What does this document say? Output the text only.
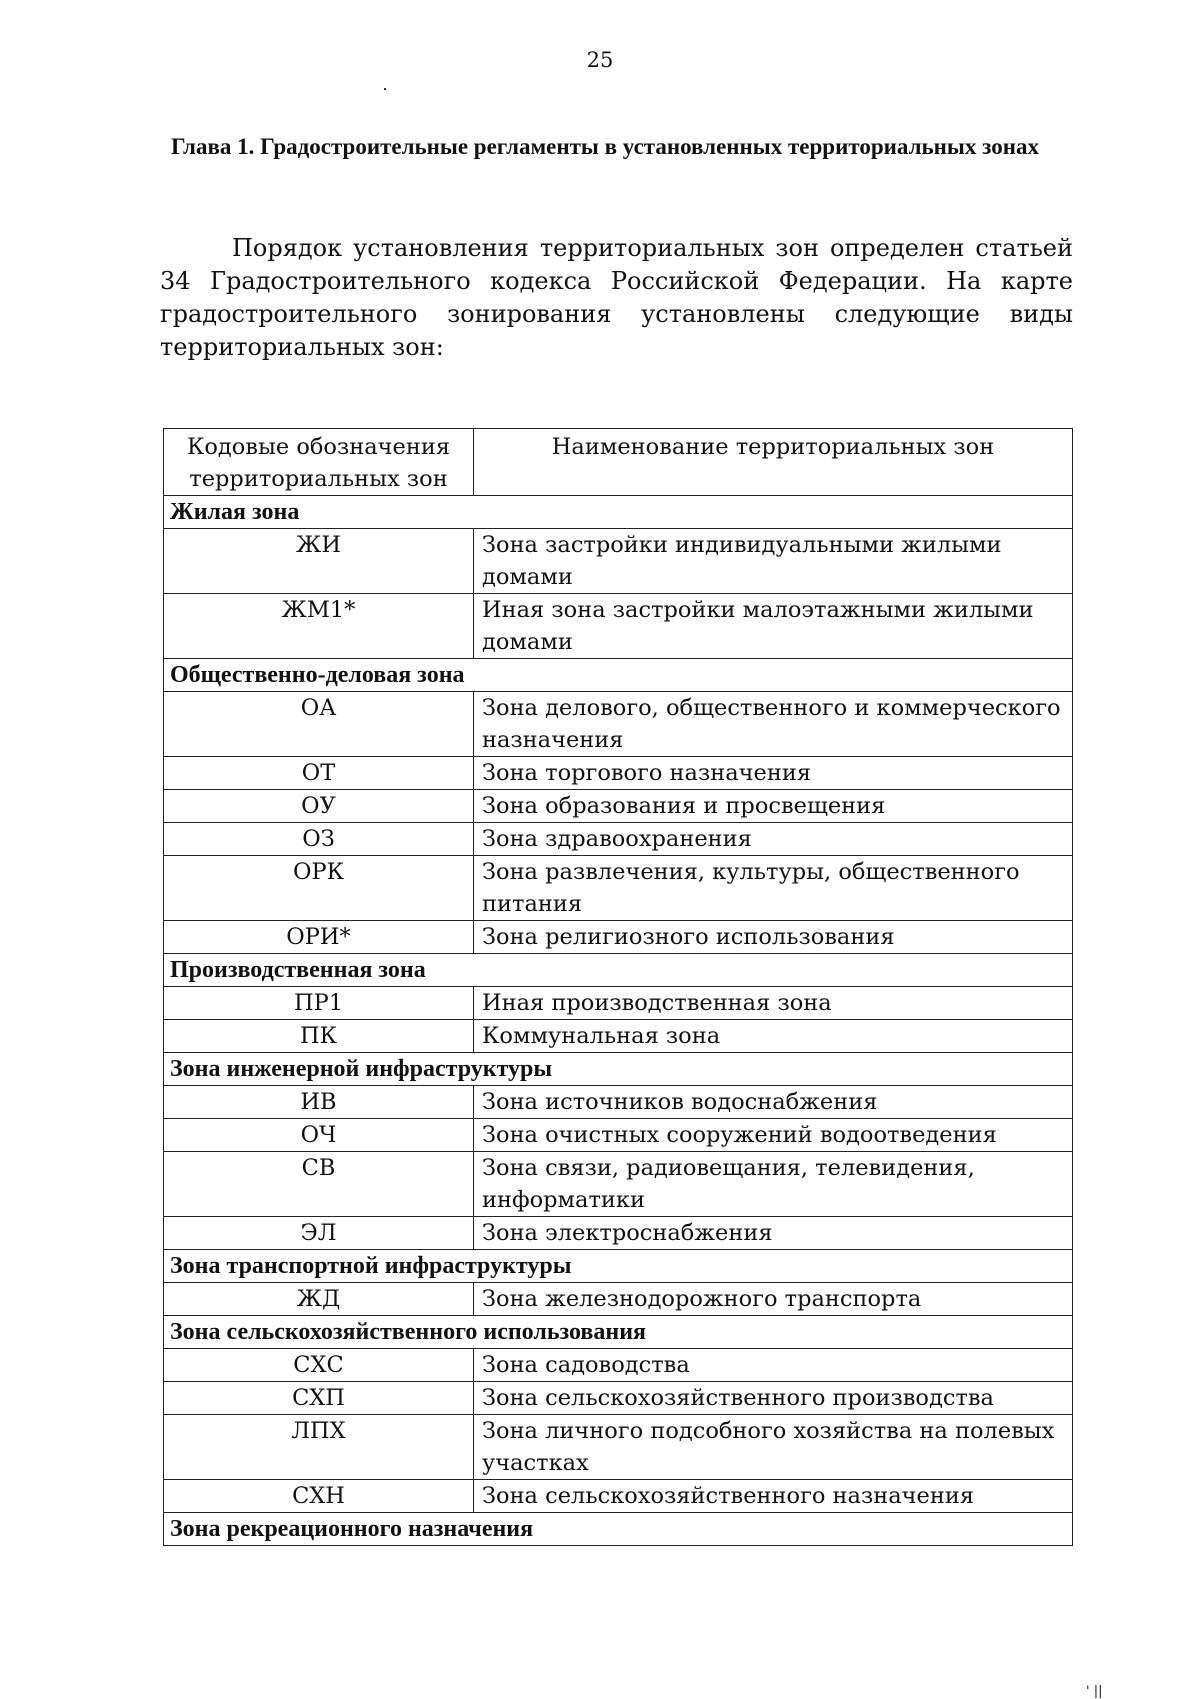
25
Глава 1. Градостроительные регламенты в установленных территориальных зонах

Порядок установления территориальных зон определен статьей 34 Градостроительного кодекса Российской Федерации. На карте градостроительного зонирования установлены следующие виды территориальных зон:

Кодовые обозначения территориальных зон	Наименование территориальных зон
Жилая зона	
ЖИ	Зона застройки индивидуальными жилыми домами
ЖМ1*	Иная зона застройки малоэтажными жилыми домами
Общественно-деловая зона	
ОА	Зона делового, общественного и коммерческого назначения
ОТ	Зона торгового назначения
ОУ	Зона образования и просвещения
ОЗ	Зона здравоохранения
ОРК	Зона развлечения, культуры, общественного питания
ОРИ*	Зона религиозного использования
Производственная зона	
ПР1	Иная производственная зона
ПК	Коммунальная зона
Зона инженерной инфраструктуры	
ИВ	Зона источников водоснабжения
ОЧ	Зона очистных сооружений водоотведения
СВ	Зона связи, радиовещания, телевидения, информатики
ЭЛ	Зона электроснабжения
Зона транспортной инфраструктуры	
ЖД	Зона железнодорожного транспорта
Зона сельскохозяйственного использования	
СХС	Зона садоводства
СХП	Зона сельскохозяйственного производства
ЛПХ	Зона личного подсобного хозяйства на полевых участках
СХН	Зона сельскохозяйственного назначения
Зона рекреационного назначения	
' ||
